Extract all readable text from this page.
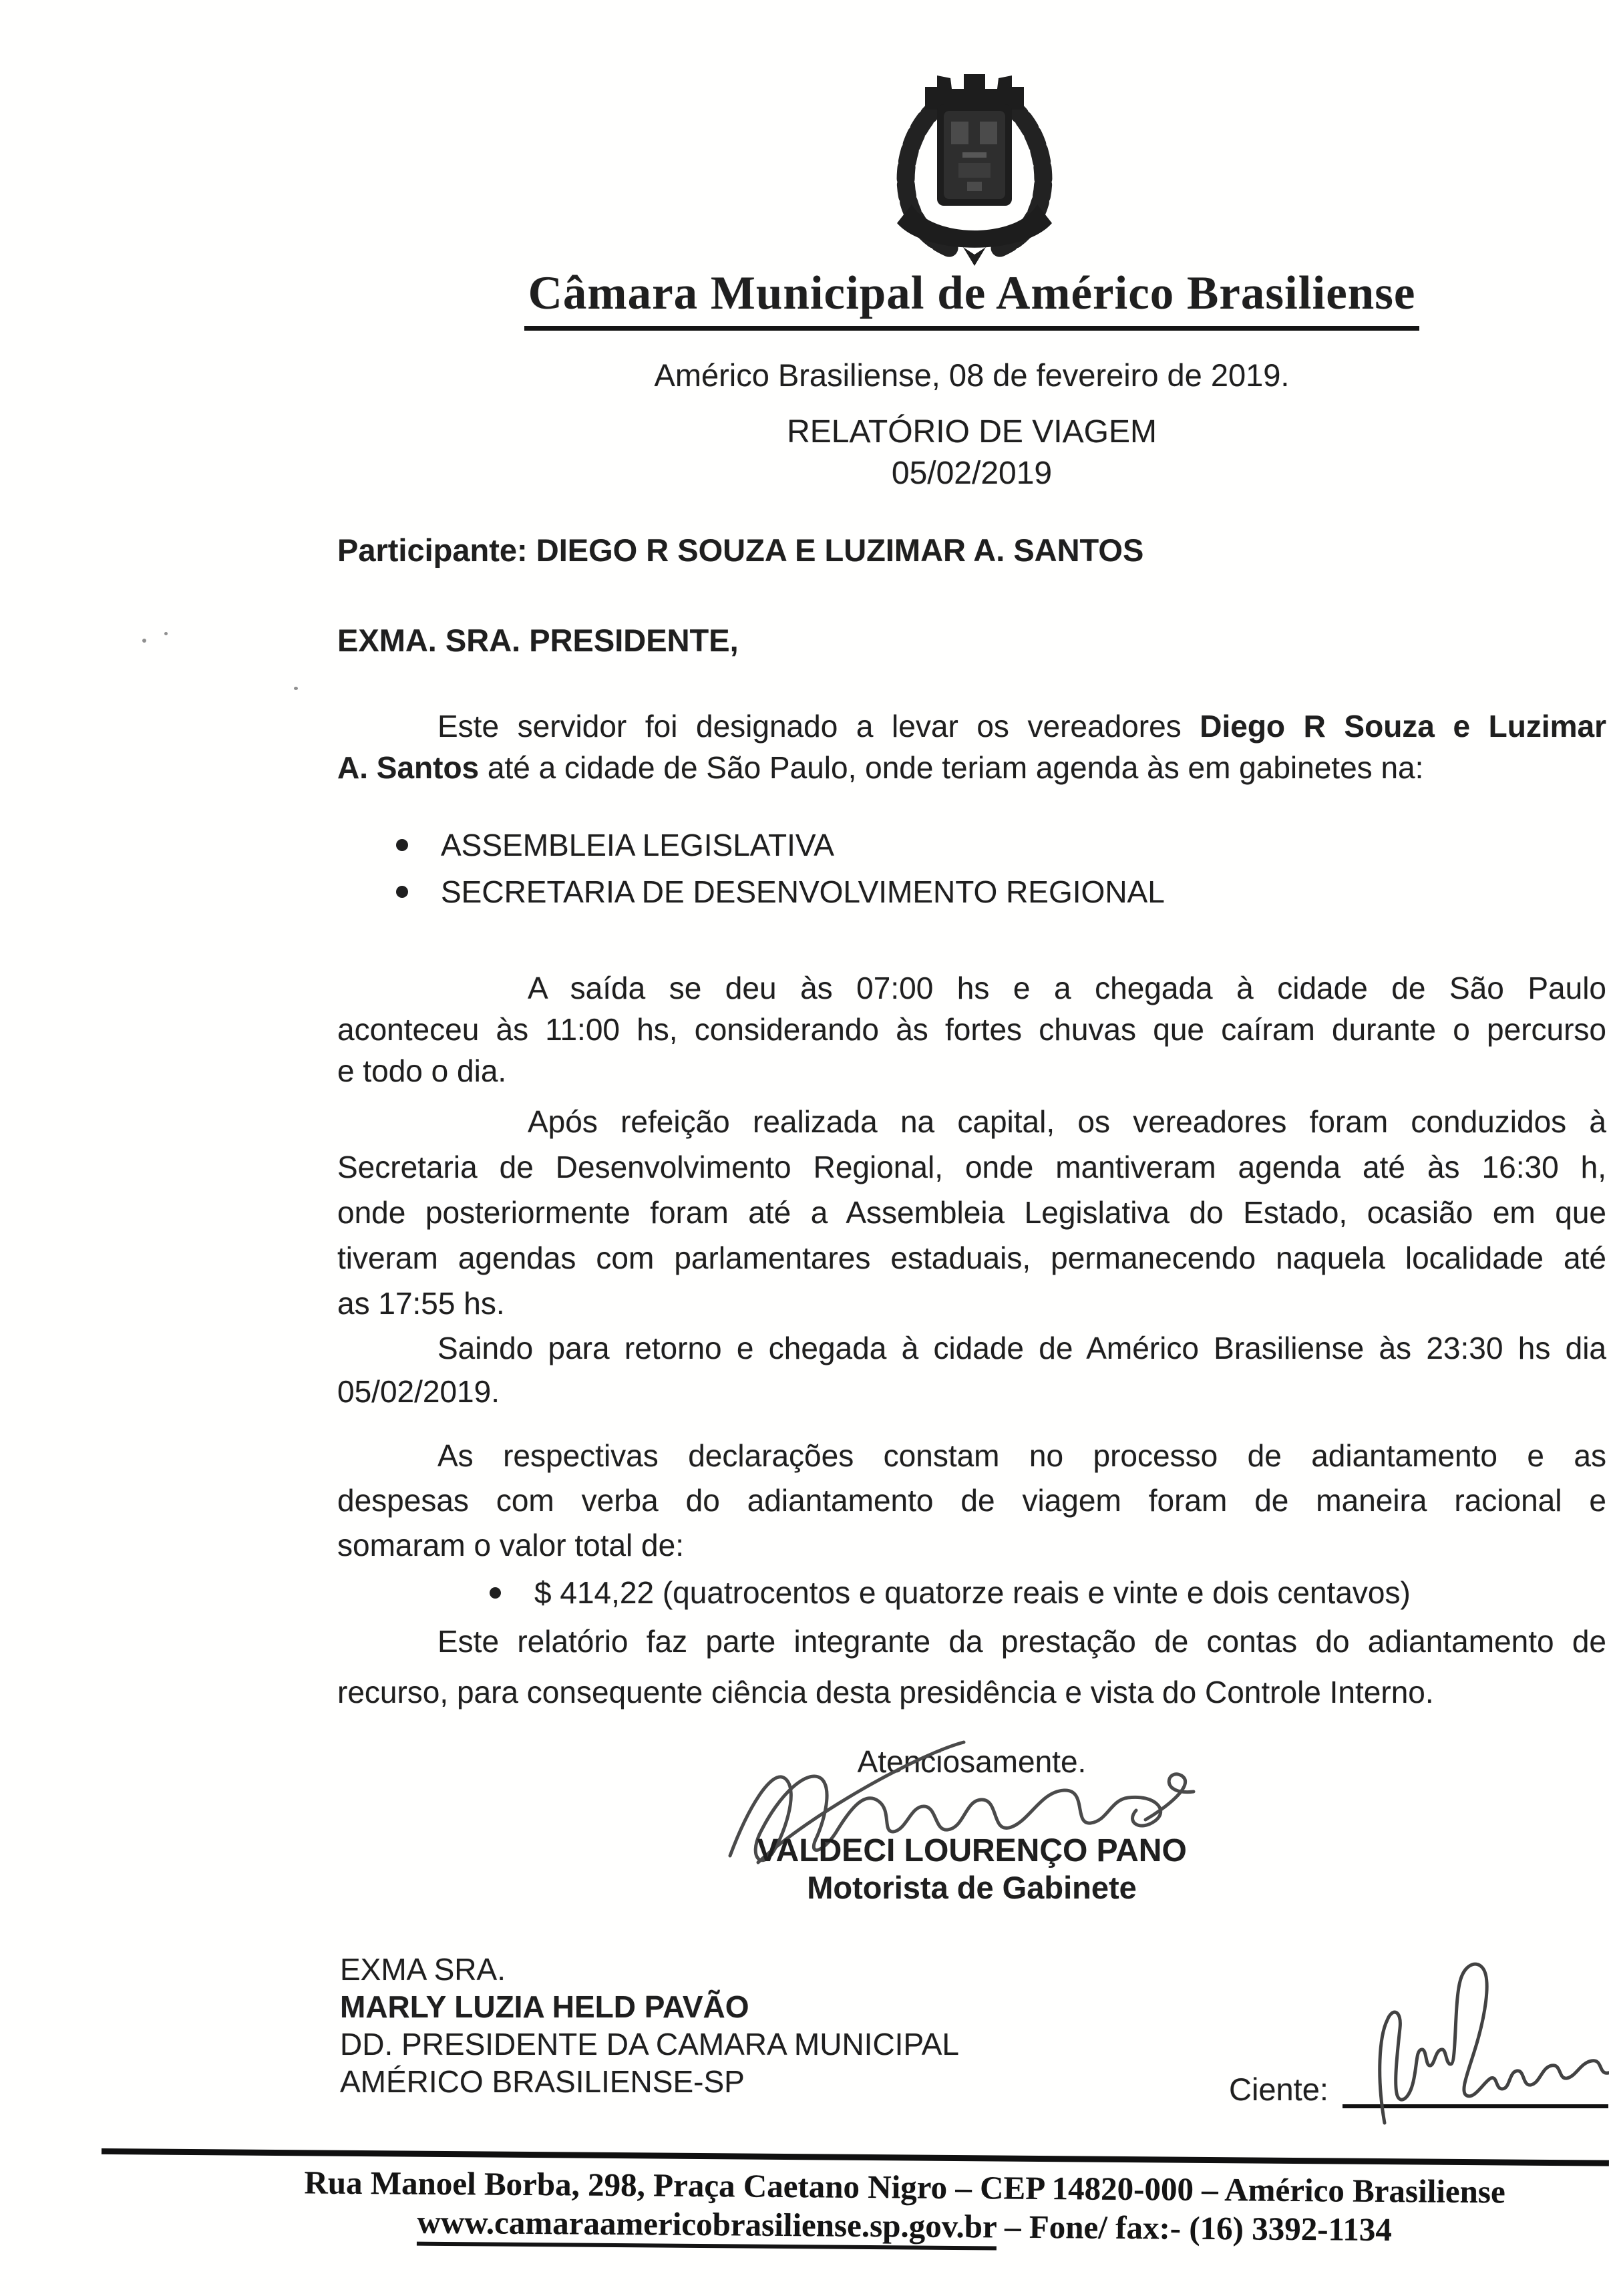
Câmara Municipal de Américo Brasiliense
Américo Brasiliense, 08 de fevereiro de 2019.
RELATÓRIO DE VIAGEM
05/02/2019
Participante: DIEGO R SOUZA E LUZIMAR A. SANTOS
EXMA. SRA. PRESIDENTE,
Este servidor foi designado a levar os vereadores Diego R Souza e Luzimar
A. Santos até a cidade de São Paulo, onde teriam agenda às em gabinetes na:
ASSEMBLEIA LEGISLATIVA
SECRETARIA DE DESENVOLVIMENTO REGIONAL
A saída se deu às 07:00 hs e a chegada à cidade de São Paulo
aconteceu às 11:00 hs, considerando às fortes chuvas que caíram durante o percurso
e todo o dia.
Após refeição realizada na capital, os vereadores foram conduzidos à
Secretaria de Desenvolvimento Regional, onde mantiveram agenda até às 16:30 h,
onde posteriormente foram até a Assembleia Legislativa do Estado, ocasião em que
tiveram agendas com parlamentares estaduais, permanecendo naquela localidade até
as 17:55 hs.
Saindo para retorno e chegada à cidade de Américo Brasiliense às 23:30 hs dia
05/02/2019.
As respectivas declarações constam no processo de adiantamento e as
despesas com verba do adiantamento de viagem foram de maneira racional e
somaram o valor total de:
$ 414,22 (quatrocentos e quatorze reais e vinte e dois centavos)
Este relatório faz parte integrante da prestação de contas do adiantamento de
recurso, para consequente ciência desta presidência e vista do Controle Interno.
Atenciosamente.
VALDECI LOURENÇO PANO
Motorista de Gabinete
EXMA SRA.
MARLY LUZIA HELD PAVÃO
DD. PRESIDENTE DA CAMARA MUNICIPAL
AMÉRICO BRASILIENSE-SP	Ciente:
Rua Manoel Borba, 298, Praça Caetano Nigro – CEP 14820-000 – Américo Brasiliense
www.camaraamericobrasiliense.sp.gov.br – Fone/ fax:- (16) 3392-1134
